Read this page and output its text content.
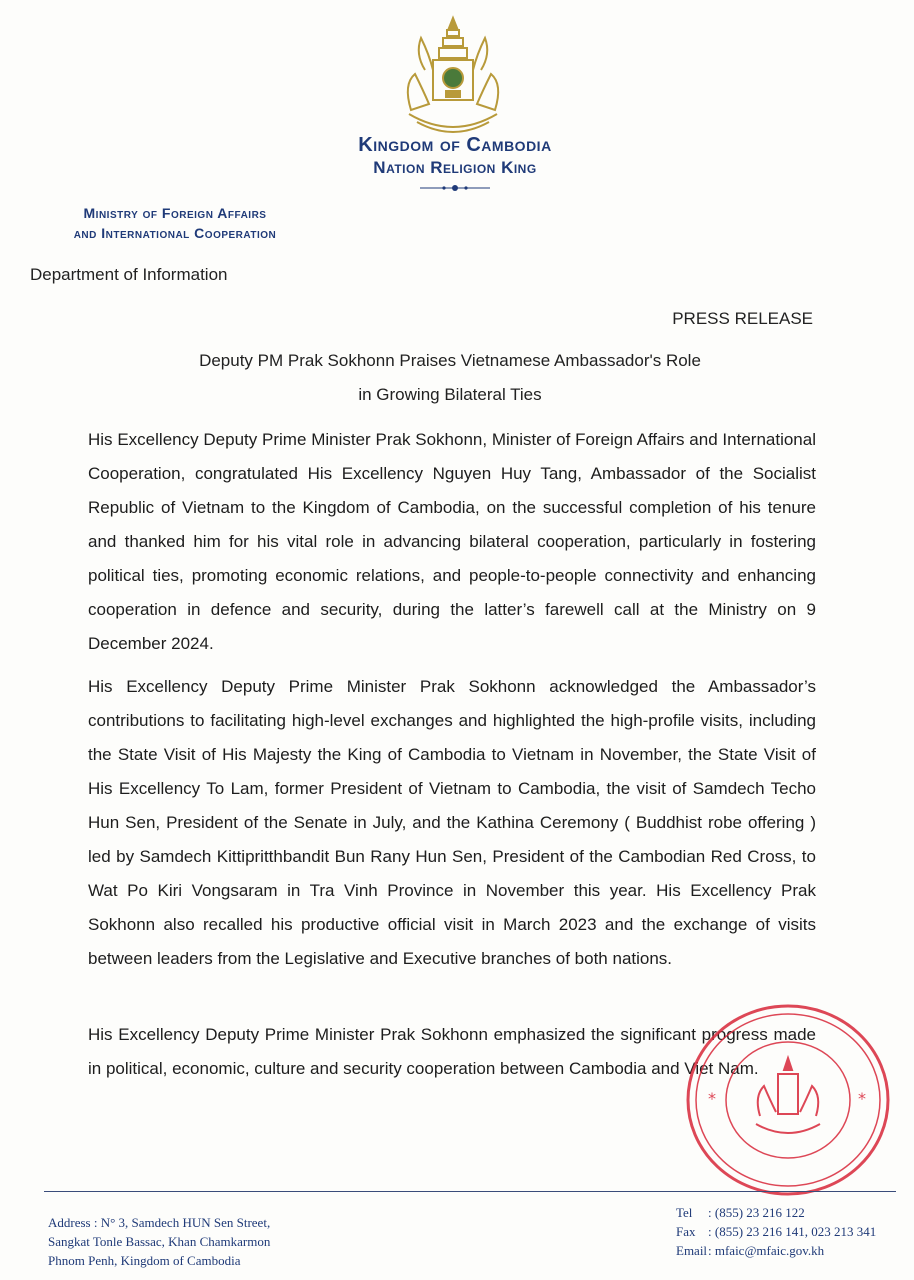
Kingdom of Cambodia
Nation Religion King
Ministry of Foreign Affairs
and International Cooperation
Department of Information
PRESS RELEASE
Deputy PM Prak Sokhonn Praises Vietnamese Ambassador's Role
in Growing Bilateral Ties
His Excellency Deputy Prime Minister Prak Sokhonn, Minister of Foreign Affairs and International Cooperation, congratulated His Excellency Nguyen Huy Tang, Ambassador of the Socialist Republic of Vietnam to the Kingdom of Cambodia, on the successful completion of his tenure and thanked him for his vital role in advancing bilateral cooperation, particularly in fostering political ties, promoting economic relations, and people-to-people connectivity and enhancing cooperation in defence and security, during the latter’s farewell call at the Ministry on 9 December 2024.
His Excellency Deputy Prime Minister Prak Sokhonn acknowledged the Ambassador’s contributions to facilitating high-level exchanges and highlighted the high-profile visits, including the State Visit of His Majesty the King of Cambodia to Vietnam in November, the State Visit of His Excellency To Lam, former President of Vietnam to Cambodia, the visit of Samdech Techo Hun Sen, President of the Senate in July, and the Kathina Ceremony ( Buddhist robe offering ) led by Samdech Kittipritthbandit Bun Rany Hun Sen, President of the Cambodian Red Cross, to Wat Po Kiri Vongsaram in Tra Vinh Province in November this year. His Excellency Prak Sokhonn also recalled his productive official visit in March 2023 and the exchange of visits between leaders from the Legislative and Executive branches of both nations.
His Excellency Deputy Prime Minister Prak Sokhonn emphasized the significant progress made in political, economic, culture and security cooperation between Cambodia and Viet Nam.
*	*
Address : N° 3, Samdech HUN Sen Street,
Sangkat Tonle Bassac, Khan Chamkarmon
Phnom Penh, Kingdom of Cambodia
Tel	: (855) 23 216 122
Fax : (855) 23 216 141, 023 213 341
Email : mfaic@mfaic.gov.kh
